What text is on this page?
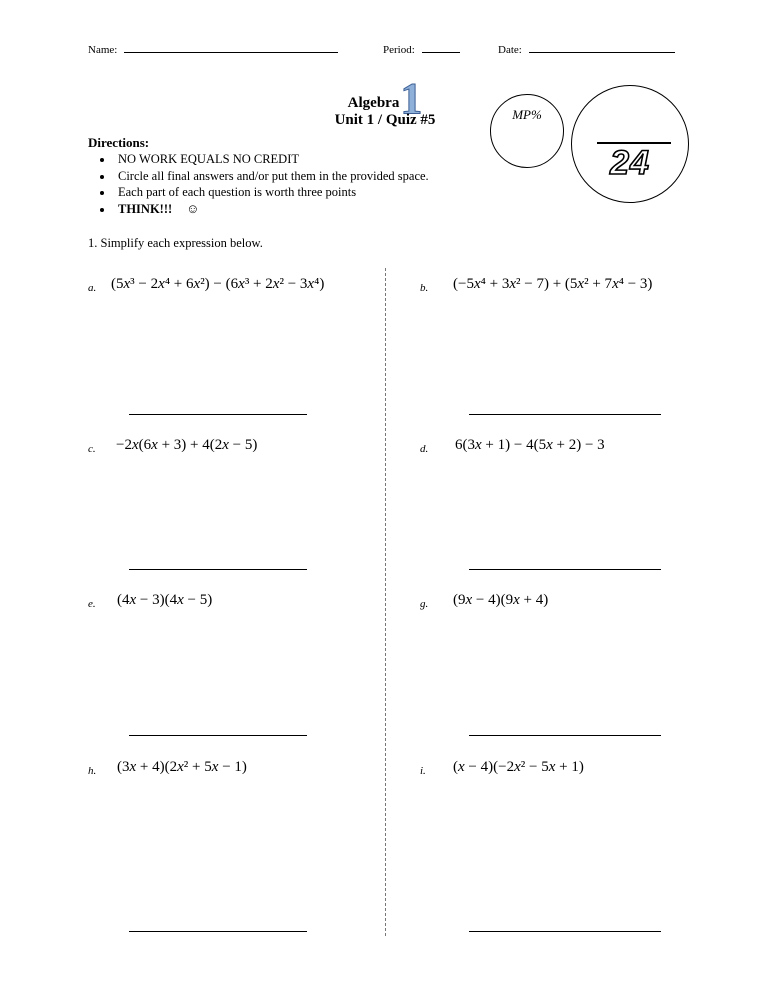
Name:	Period:	Date:
Algebra1
Unit 1 / Quiz #5	MP%
24
Directions:
• NO WORK EQUALS NO CREDIT
• Circle all final answers and/or put them in the provided space.
• Each part of each question is worth three points
• THINK!!! ☺
1. Simplify each expression below.
a. (5x³ − 2x⁴ + 6x²) − (6x³ + 2x² − 3x⁴)	b. (−5x⁴ + 3x² − 7) + (5x² + 7x⁴ − 3)
c. −2x(6x + 3) + 4(2x − 5)	d. 6(3x + 1) − 4(5x + 2) − 3
e. (4x − 3)(4x − 5)	g. (9x − 4)(9x + 4)
h. (3x + 4)(2x² + 5x − 1)	i. (x − 4)(−2x² − 5x + 1)
